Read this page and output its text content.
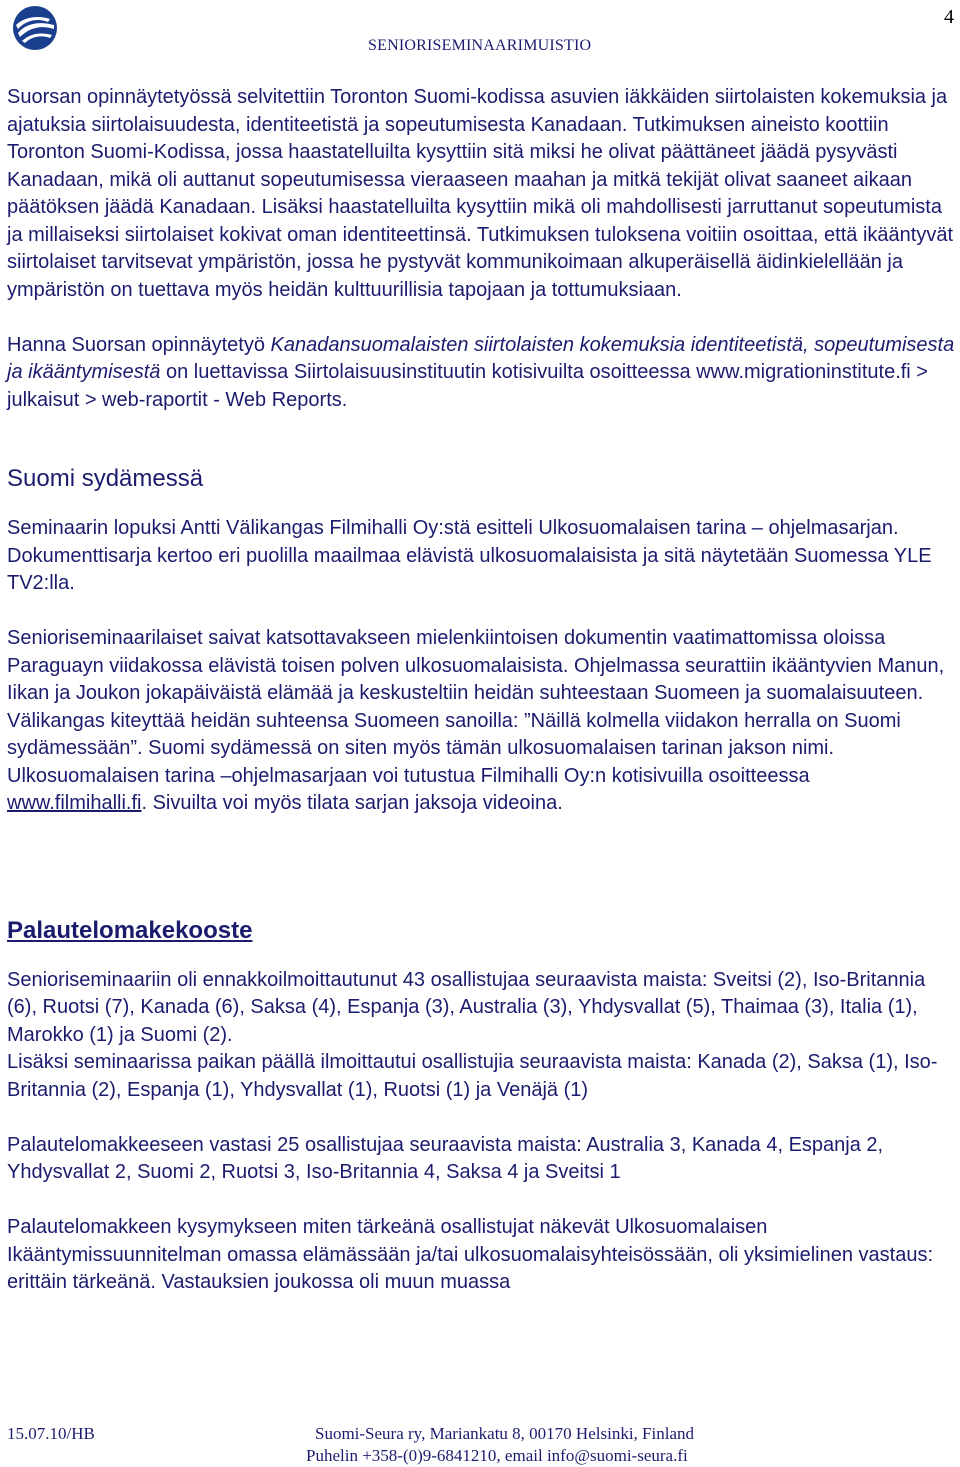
4
SENIORISEMINAARIMUISTIO

Suorsan opinnäytetyössä selvitettiin Toronton Suomi-kodissa asuvien iäkkäiden siirtolaisten kokemuksia ja ajatuksia siirtolaisuudesta, identiteetistä ja sopeutumisesta Kanadaan. Tutkimuksen aineisto koottiin Toronton Suomi-Kodissa, jossa haastatelluilta kysyttiin sitä miksi he olivat päättäneet jäädä pysyvästi Kanadaan, mikä oli auttanut sopeutumisessa vieraaseen maahan ja mitkä tekijät olivat saaneet aikaan päätöksen jäädä Kanadaan. Lisäksi haastatelluilta kysyttiin mikä oli mahdollisesti jarruttanut sopeutumista ja millaiseksi siirtolaiset kokivat oman identiteettinsä. Tutkimuksen tuloksena voitiin osoittaa, että ikääntyvät siirtolaiset tarvitsevat ympäristön, jossa he pystyvät kommunikoimaan alkuperäisellä äidinkielellään ja ympäristön on tuettava myös heidän kulttuurillisia tapojaan ja tottumuksiaan.

Hanna Suorsan opinnäytetyö Kanadansuomalaisten siirtolaisten kokemuksia identiteetistä, sopeutumisesta ja ikääntymisestä on luettavissa Siirtolaisuusinstituutin kotisivuilta osoitteessa www.migrationinstitute.fi > julkaisut > web-raportit - Web Reports.

Suomi sydämessä

Seminaarin lopuksi Antti Välikangas Filmihalli Oy:stä esitteli Ulkosuomalaisen tarina – ohjelmasarjan. Dokumenttisarja kertoo eri puolilla maailmaa elävistä ulkosuomalaisista ja sitä näytetään Suomessa YLE TV2:lla.

Senioriseminaarilaiset saivat katsottavakseen mielenkiintoisen dokumentin vaatimattomissa oloissa Paraguayn viidakossa elävistä toisen polven ulkosuomalaisista. Ohjelmassa seurattiin ikääntyvien Manun, Iikan ja Joukon jokapäiväistä elämää ja keskusteltiin heidän suhteestaan Suomeen ja suomalaisuuteen. Välikangas kiteyttää heidän suhteensa Suomeen sanoilla: ”Näillä kolmella viidakon herralla on Suomi sydämessään”. Suomi sydämessä on siten myös tämän ulkosuomalaisen tarinan jakson nimi.

Ulkosuomalaisen tarina –ohjelmasarjaan voi tutustua Filmihalli Oy:n kotisivuilla osoitteessa www.filmihalli.fi. Sivuilta voi myös tilata sarjan jaksoja videoina.

Palautelomakekooste

Senioriseminaariin oli ennakkoilmoittautunut 43 osallistujaa seuraavista maista: Sveitsi (2), Iso-Britannia (6), Ruotsi (7), Kanada (6), Saksa (4), Espanja (3), Australia (3), Yhdysvallat (5), Thaimaa (3), Italia (1), Marokko (1) ja Suomi (2).

Lisäksi seminaarissa paikan päällä ilmoittautui osallistujia seuraavista maista: Kanada (2), Saksa (1), Iso-Britannia (2), Espanja (1), Yhdysvallat (1), Ruotsi (1) ja Venäjä (1)

Palautelomakkeeseen vastasi 25 osallistujaa seuraavista maista: Australia 3, Kanada 4, Espanja 2, Yhdysvallat 2, Suomi 2, Ruotsi 3, Iso-Britannia 4, Saksa 4 ja Sveitsi 1

Palautelomakkeen kysymykseen miten tärkeänä osallistujat näkevät Ulkosuomalaisen Ikääntymissuunnitelman omassa elämässään ja/tai ulkosuomalaisyhteisössään, oli yksimielinen vastaus: erittäin tärkeänä. Vastauksien joukossa oli muun muassa

15.07.10/HB	Suomi-Seura ry, Mariankatu 8, 00170 Helsinki, Finland
Puhelin +358-(0)9-6841210, email info@suomi-seura.fi
